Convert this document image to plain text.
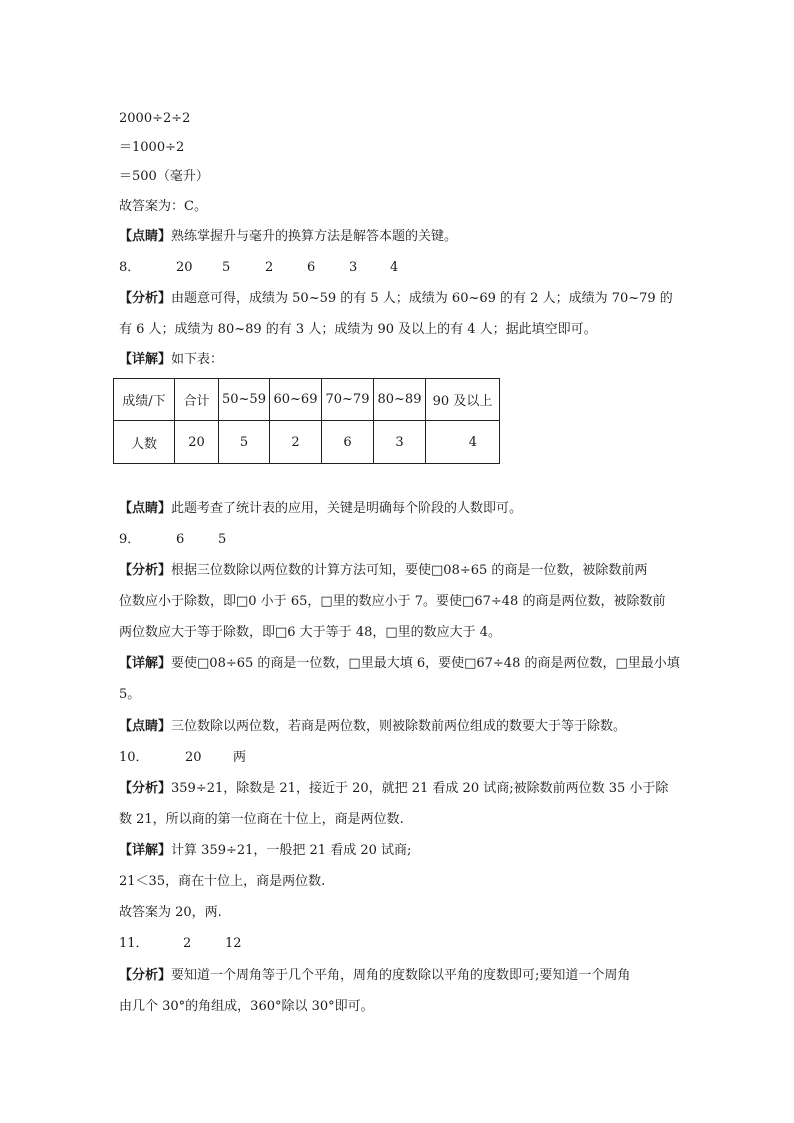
2000÷2÷2
＝1000÷2
＝500（毫升）
故答案为：C。
【点睛】熟练掌握升与毫升的换算方法是解答本题的关键。
8．	20 5	2	6	3	4
【分析】由题意可得，成绩为 50~59 的有 5 人；成绩为 60~69 的有 2 人；成绩为 70~79 的
有 6 人；成绩为 80~89 的有 3 人；成绩为 90 及以上的有 4 人；据此填空即可。
【详解】如下表：
成绩/下	合计	50~59	60~69	70~79	80~89	90 及以上
人数	20	5	2	6	3	4
【点睛】此题考查了统计表的应用，关键是明确每个阶段的人数即可。
9．	6	5
【分析】根据三位数除以两位数的计算方法可知，要使□08÷65 的商是一位数，被除数前两
位数应小于除数，即□0 小于 65，□里的数应小于 7。要使□67÷48 的商是两位数，被除数前
两位数应大于等于除数，即□6 大于等于 48，□里的数应大于 4。
【详解】要使□08÷65 的商是一位数，□里最大填 6，要使□67÷48 的商是两位数，□里最小填
5。
【点睛】三位数除以两位数，若商是两位数，则被除数前两位组成的数要大于等于除数。
10．	20 两
【分析】359÷21，除数是 21，接近于 20，就把 21 看成 20 试商;被除数前两位数 35 小于除
数 21，所以商的第一位商在十位上，商是两位数.
【详解】计算 359÷21，一般把 21 看成 20 试商;
21＜35，商在十位上，商是两位数.
故答案为 20，两.
11．	2	12
【分析】要知道一个周角等于几个平角，周角的度数除以平角的度数即可;要知道一个周角
由几个 30°的角组成，360°除以 30°即可。
